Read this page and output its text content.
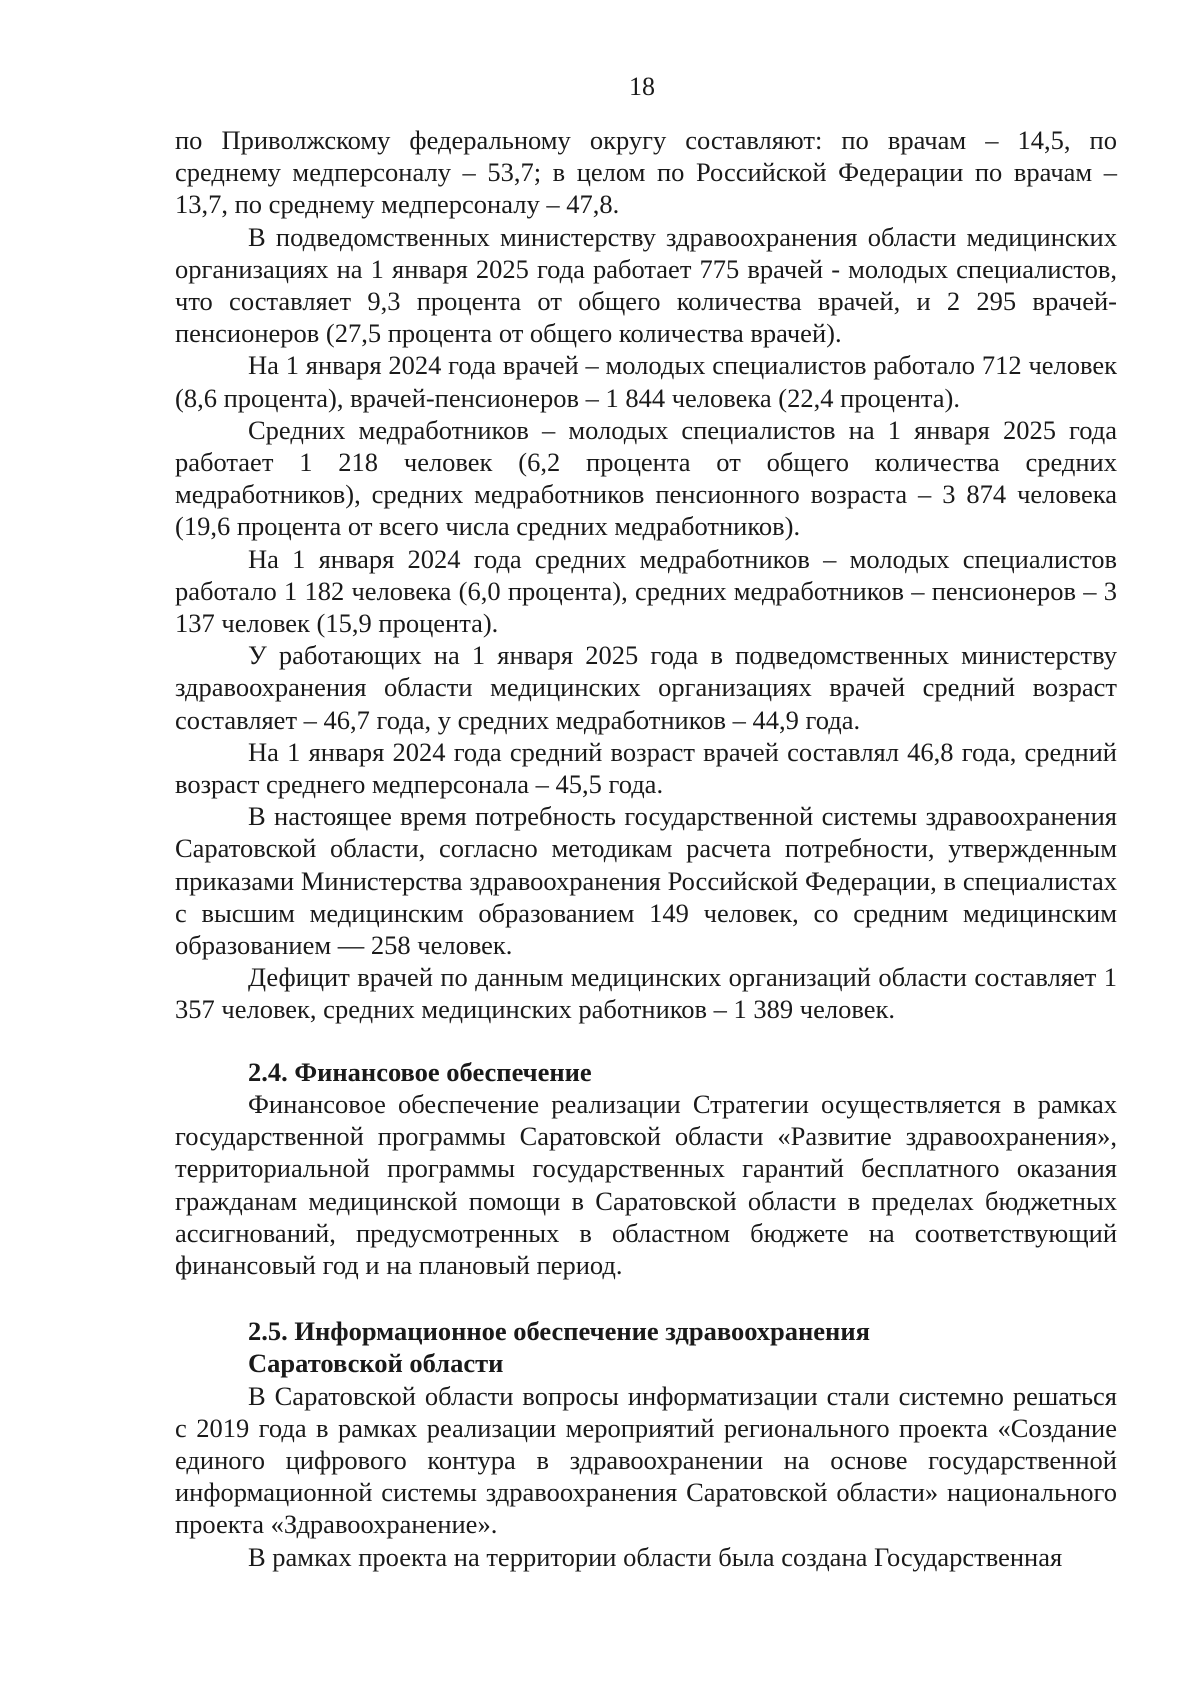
18

по Приволжскому федеральному округу составляют: по врачам – 14,5, по среднему медперсоналу – 53,7; в целом по Российской Федерации по врачам – 13,7, по среднему медперсоналу – 47,8.

В подведомственных министерству здравоохранения области медицинских организациях на 1 января 2025 года работает 775 врачей - молодых специалистов, что составляет 9,3 процента от общего количества врачей, и 2 295 врачей-пенсионеров (27,5 процента от общего количества врачей).

На 1 января 2024 года врачей – молодых специалистов работало 712 человек (8,6 процента), врачей-пенсионеров – 1 844 человека (22,4 процента).

Средних медработников – молодых специалистов на 1 января 2025 года работает 1 218 человек (6,2 процента от общего количества средних медработников), средних медработников пенсионного возраста – 3 874 человека (19,6 процента от всего числа средних медработников).

На 1 января 2024 года средних медработников – молодых специалистов работало 1 182 человека (6,0 процента), средних медработников – пенсионеров – 3 137 человек (15,9 процента).

У работающих на 1 января 2025 года в подведомственных министерству здравоохранения области медицинских организациях врачей средний возраст составляет – 46,7 года, у средних медработников – 44,9 года.

На 1 января 2024 года средний возраст врачей составлял 46,8 года, средний возраст среднего медперсонала – 45,5 года.

В настоящее время потребность государственной системы здравоохранения Саратовской области, согласно методикам расчета потребности, утвержденным приказами Министерства здравоохранения Российской Федерации, в специалистах с высшим медицинским образованием 149 человек, со средним медицинским образованием — 258 человек.

Дефицит врачей по данным медицинских организаций области составляет 1 357 человек, средних медицинских работников – 1 389 человек.

2.4. Финансовое обеспечение

Финансовое обеспечение реализации Стратегии осуществляется в рамках государственной программы Саратовской области «Развитие здравоохранения», территориальной программы государственных гарантий бесплатного оказания гражданам медицинской помощи в Саратовской области в пределах бюджетных ассигнований, предусмотренных в областном бюджете на соответствующий финансовый год и на плановый период.

2.5. Информационное обеспечение здравоохранения

Саратовской области

В Саратовской области вопросы информатизации стали системно решаться с 2019 года в рамках реализации мероприятий регионального проекта «Создание единого цифрового контура в здравоохранении на основе государственной информационной системы здравоохранения Саратовской области» национального проекта «Здравоохранение».

В рамках проекта на территории области была создана Государственная
